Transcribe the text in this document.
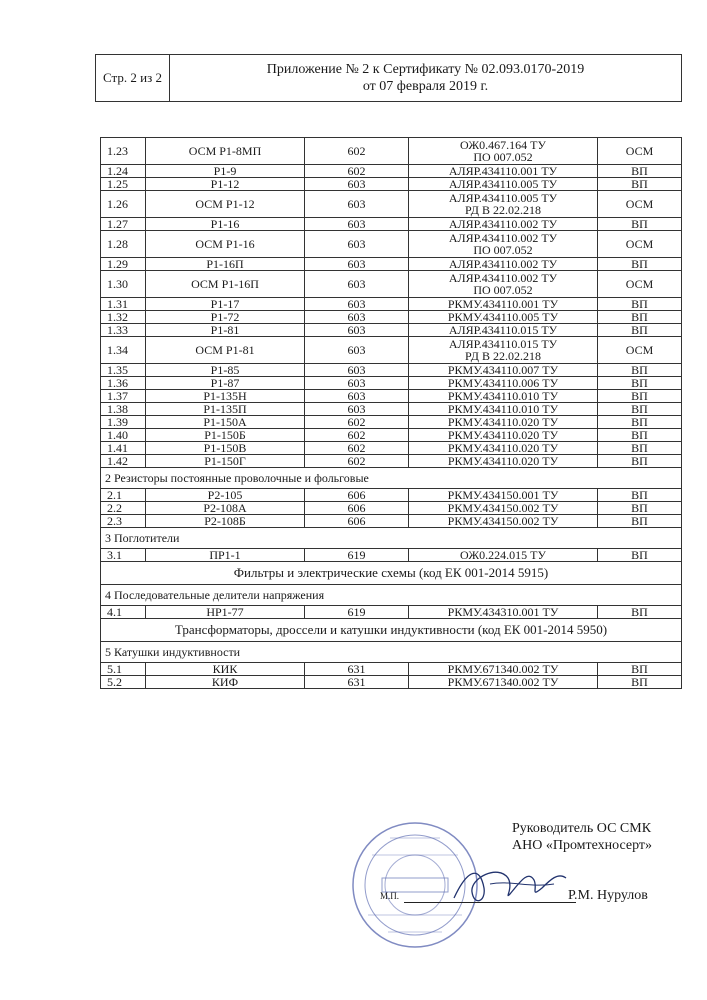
Стр. 2 из 2
Приложение № 2 к Сертификату № 02.093.0170-2019
от 07 февраля 2019 г.
1.23	ОСМ Р1-8МП	602	ОЖ0.467.164 ТУ
ПО 007.052	ОСМ
1.24	Р1-9	602	АЛЯР.434110.001 ТУ	ВП
1.25	Р1-12	603	АЛЯР.434110.005 ТУ	ВП
1.26	ОСМ Р1-12	603	АЛЯР.434110.005 ТУ
РД В 22.02.218	ОСМ
1.27	Р1-16	603	АЛЯР.434110.002 ТУ	ВП
1.28	ОСМ Р1-16	603	АЛЯР.434110.002 ТУ
ПО 007.052	ОСМ
1.29	Р1-16П	603	АЛЯР.434110.002 ТУ	ВП
1.30	ОСМ Р1-16П	603	АЛЯР.434110.002 ТУ
ПО 007.052	ОСМ
1.31	Р1-17	603	РКМУ.434110.001 ТУ	ВП
1.32	Р1-72	603	РКМУ.434110.005 ТУ	ВП
1.33	Р1-81	603	АЛЯР.434110.015 ТУ	ВП
1.34	ОСМ Р1-81	603	АЛЯР.434110.015 ТУ
РД В 22.02.218	ОСМ
1.35	Р1-85	603	РКМУ.434110.007 ТУ	ВП
1.36	Р1-87	603	РКМУ.434110.006 ТУ	ВП
1.37	Р1-135Н	603	РКМУ.434110.010 ТУ	ВП
1.38	Р1-135П	603	РКМУ.434110.010 ТУ	ВП
1.39	Р1-150А	602	РКМУ.434110.020 ТУ	ВП
1.40	Р1-150Б	602	РКМУ.434110.020 ТУ	ВП
1.41	Р1-150В	602	РКМУ.434110.020 ТУ	ВП
1.42	Р1-150Г	602	РКМУ.434110.020 ТУ	ВП
2 Резисторы постоянные проволочные и фольговые				
2.1	Р2-105	606	РКМУ.434150.001 ТУ	ВП
2.2	Р2-108А	606	РКМУ.434150.002 ТУ	ВП
2.3	Р2-108Б	606	РКМУ.434150.002 ТУ	ВП
3 Поглотители				
3.1	ПР1-1	619	ОЖ0.224.015 ТУ	ВП
Фильтры и электрические схемы (код ЕК 001-2014 5915)				
4 Последовательные делители напряжения				
4.1	НР1-77	619	РКМУ.434310.001 ТУ	ВП
Трансформаторы, дроссели и катушки индуктивности (код ЕК 001-2014 5950)				
5 Катушки индуктивности				
5.1	КИК	631	РКМУ.671340.002 ТУ	ВП
5.2	КИФ	631	РКМУ.671340.002 ТУ	ВП
Руководитель ОС СМК
АНО «Промтехносерт»
М.П.	Р.М. Нурулов
